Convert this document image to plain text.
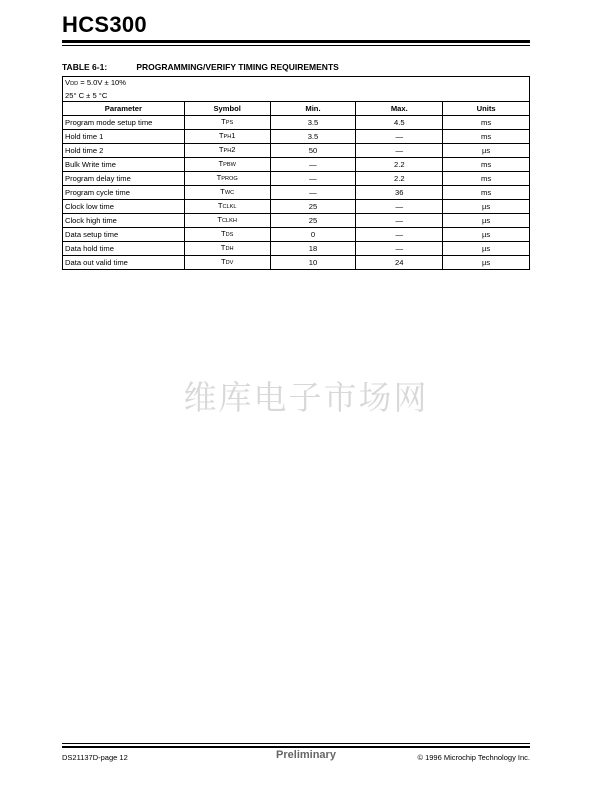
HCS300
TABLE 6-1:	PROGRAMMING/VERIFY TIMING REQUIREMENTS
VDD = 5.0V ± 10%
25° C ± 5 °C				
Parameter	Symbol	Min.	Max.	Units
Program mode setup time	TPS	3.5	4.5	ms
Hold time 1	TPH1	3.5	—	ms
Hold time 2	TPH2	50	—	µs
Bulk Write time	TPBW	—	2.2	ms
Program delay time	TPROG	—	2.2	ms
Program cycle time	TWC	—	36	ms
Clock low time	TCLKL	25	—	µs
Clock high time	TCLKH	25	—	µs
Data setup time	TDS	0	—	µs
Data hold time	TDH	18	—	µs
Data out valid time	TDV	10	24	µs
维库电子市场网
DS21137D-page 12	Preliminary	© 1996 Microchip Technology Inc.
